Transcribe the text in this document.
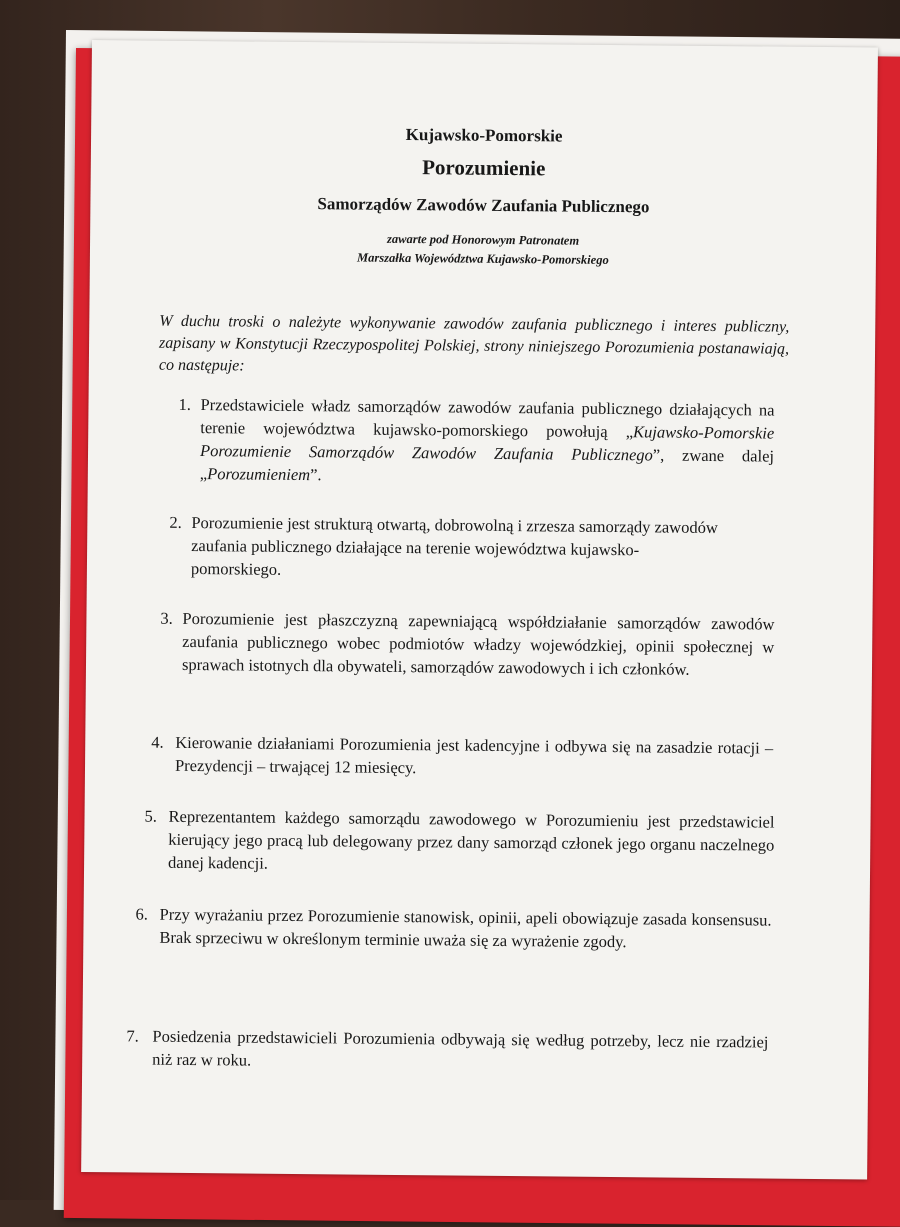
Kujawsko-Pomorskie
Porozumienie
Samorządów Zawodów Zaufania Publicznego
zawarte pod Honorowym Patronatem
Marszałka Województwa Kujawsko-Pomorskiego
W duchu troski o należyte wykonywanie zawodów zaufania publicznego i interes publiczny, zapisany w Konstytucji Rzeczypospolitej Polskiej, strony niniejszego Porozumienia postanawiają, co następuje:
1. Przedstawiciele władz samorządów zawodów zaufania publicznego działających na terenie województwa kujawsko-pomorskiego powołują „Kujawsko-Pomorskie Porozumienie Samorządów Zawodów Zaufania Publicznego”, zwane dalej „Porozumieniem”.
2. Porozumienie jest strukturą otwartą, dobrowolną i zrzesza samorządy zawodów zaufania publicznego działające na terenie województwa kujawsko-pomorskiego.
3. Porozumienie jest płaszczyzną zapewniającą współdziałanie samorządów zawodów zaufania publicznego wobec podmiotów władzy wojewódzkiej, opinii społecznej w sprawach istotnych dla obywateli, samorządów zawodowych i ich członków.
4. Kierowanie działaniami Porozumienia jest kadencyjne i odbywa się na zasadzie rotacji – Prezydencji – trwającej 12 miesięcy.
5. Reprezentantem każdego samorządu zawodowego w Porozumieniu jest przedstawiciel kierujący jego pracą lub delegowany przez dany samorząd członek jego organu naczelnego danej kadencji.
6. Przy wyrażaniu przez Porozumienie stanowisk, opinii, apeli obowiązuje zasada konsensusu. Brak sprzeciwu w określonym terminie uważa się za wyrażenie zgody.
7. Posiedzenia przedstawicieli Porozumienia odbywają się według potrzeby, lecz nie rzadziej niż raz w roku.
